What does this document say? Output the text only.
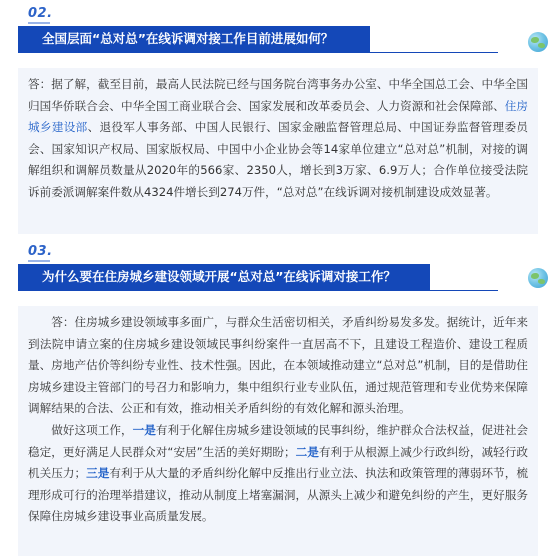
02.
全国层面“总对总”在线诉调对接工作目前进展如何？

答：据了解，截至目前，最高人民法院已经与国务院台湾事务办公室、中华全国总工会、中华全国归国华侨联合会、中华全国工商业联合会、国家发展和改革委员会、人力资源和社会保障部、住房城乡建设部、退役军人事务部、中国人民银行、国家金融监督管理总局、中国证券监督管理委员会、国家知识产权局、国家版权局、中国中小企业协会等14家单位建立“总对总”机制，对接的调解组织和调解员数量从2020年的566家、2350人，增长到3万家、6.9万人；合作单位接受法院诉前委派调解案件数从4324件增长到274万件，“总对总”在线诉调对接机制建设成效显著。

03.
为什么要在住房城乡建设领域开展“总对总”在线诉调对接工作？

答：住房城乡建设领域事多面广，与群众生活密切相关，矛盾纠纷易发多发。据统计，近年来到法院申请立案的住房城乡建设领域民事纠纷案件一直居高不下，且建设工程造价、建设工程质量、房地产估价等纠纷专业性、技术性强。因此，在本领域推动建立“总对总”机制，目的是借助住房城乡建设主管部门的号召力和影响力，集中组织行业专业队伍，通过规范管理和专业优势来保障调解结果的合法、公正和有效，推动相关矛盾纠纷的有效化解和源头治理。

做好这项工作，一是有利于化解住房城乡建设领域的民事纠纷，维护群众合法权益，促进社会稳定，更好满足人民群众对“安居”生活的美好期盼；二是有利于从根源上减少行政纠纷，减轻行政机关压力；三是有利于从大量的矛盾纠纷化解中反推出行业立法、执法和政策管理的薄弱环节，梳理形成可行的治理举措建议，推动从制度上堵塞漏洞，从源头上减少和避免纠纷的产生，更好服务保障住房城乡建设事业高质量发展。
